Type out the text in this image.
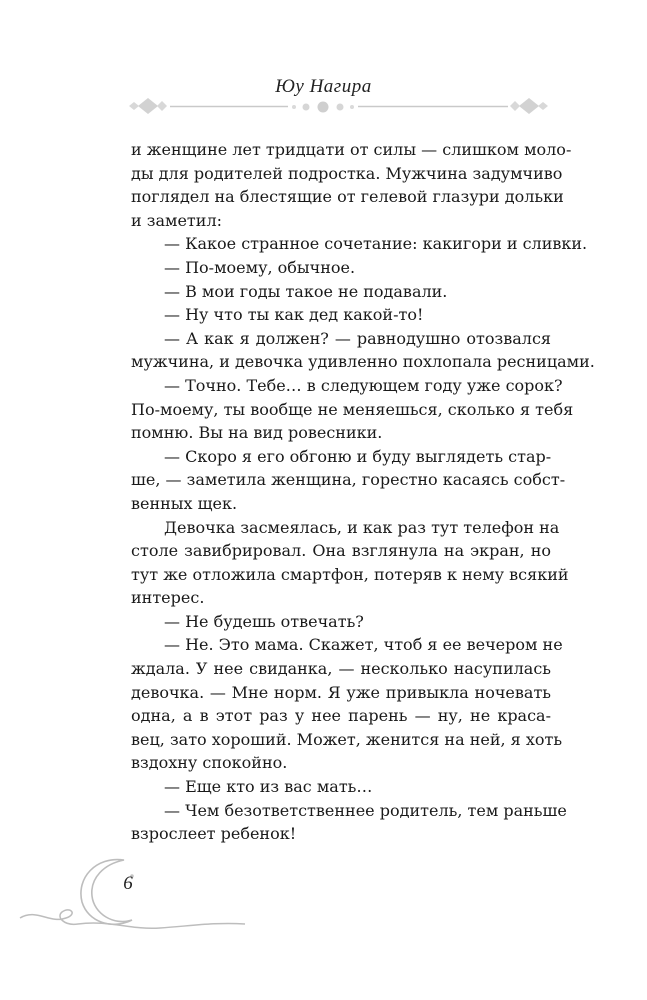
Юу Нагира
и женщине лет тридцати от силы — слишком моло-
ды для родителей подростка. Мужчина задумчиво
поглядел на блестящие от гелевой глазури дольки
и заметил:
— Какое странное сочетание: какигори и сливки.
— По-моему, обычное.
— В мои годы такое не подавали.
— Ну что ты как дед какой-то!
— А как я должен? — равнодушно отозвался
мужчина, и девочка удивленно похлопала ресницами.
— Точно. Тебе… в следующем году уже сорок?
По-моему, ты вообще не меняешься, сколько я тебя
помню. Вы на вид ровесники.
— Скоро я его обгоню и буду выглядеть стар-
ше, — заметила женщина, горестно касаясь собст-
венных щек.
Девочка засмеялась, и как раз тут телефон на
столе завибрировал. Она взглянула на экран, но
тут же отложила смартфон, потеряв к нему всякий
интерес.
— Не будешь отвечать?
— Не. Это мама. Скажет, чтоб я ее вечером не
ждала. У нее свиданка, — несколько насупилась
девочка. — Мне норм. Я уже привыкла ночевать
одна, а в этот раз у нее парень — ну, не краса-
вец, зато хороший. Может, женится на ней, я хоть
вздохну спокойно.
— Еще кто из вас мать…
— Чем безответственнее родитель, тем раньше
взрослеет ребенок!
6
